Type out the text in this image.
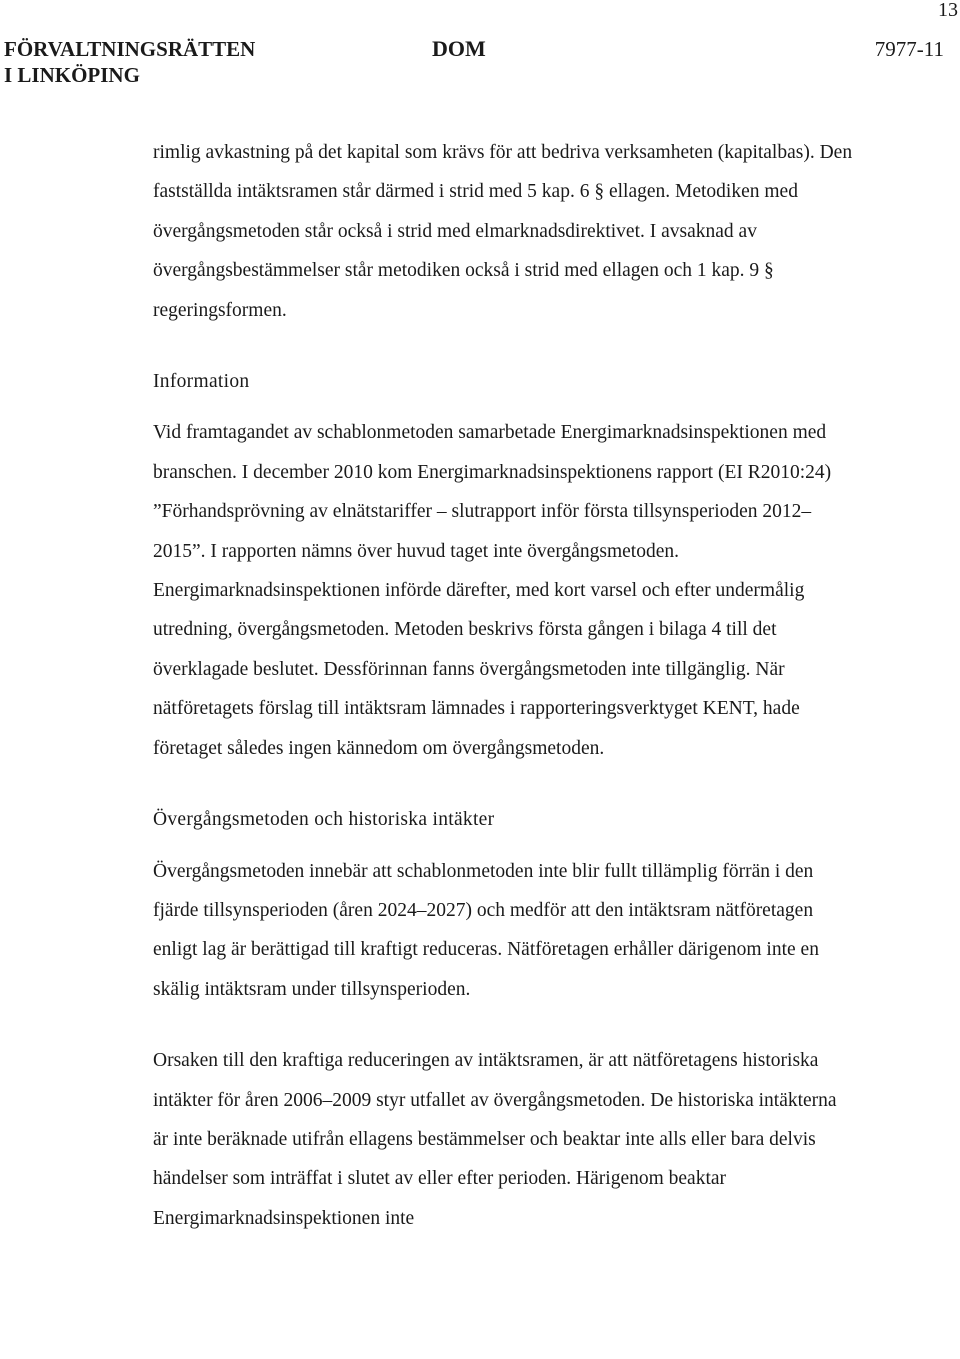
13
FÖRVALTNINGSRÄTTEN
I LINKÖPING
DOM	7977-11

rimlig avkastning på det kapital som krävs för att bedriva verksamheten (kapitalbas). Den fastställda intäktsramen står därmed i strid med 5 kap. 6 § ellagen. Metodiken med övergångsmetoden står också i strid med elmarknadsdirektivet. I avsaknad av övergångsbestämmelser står metodiken också i strid med ellagen och 1 kap. 9 § regeringsformen.

Information

Vid framtagandet av schablonmetoden samarbetade Energimarknadsinspektionen med branschen. I december 2010 kom Energimarknadsinspektionens rapport (EI R2010:24) ”Förhandsprövning av elnätstariffer – slutrapport inför första tillsynsperioden 2012–2015”. I rapporten nämns över huvud taget inte övergångsmetoden. Energimarknadsinspektionen införde därefter, med kort varsel och efter undermålig utredning, övergångsmetoden. Metoden beskrivs första gången i bilaga 4 till det överklagade beslutet. Dessförinnan fanns övergångsmetoden inte tillgänglig. När nätföretagets förslag till intäktsram lämnades i rapporteringsverktyget KENT, hade företaget således ingen kännedom om övergångsmetoden.

Övergångsmetoden och historiska intäkter

Övergångsmetoden innebär att schablonmetoden inte blir fullt tillämplig förrän i den fjärde tillsynsperioden (åren 2024–2027) och medför att den intäktsram nätföretagen enligt lag är berättigad till kraftigt reduceras. Nätföretagen erhåller därigenom inte en skälig intäktsram under tillsynsperioden.

Orsaken till den kraftiga reduceringen av intäktsramen, är att nätföretagens historiska intäkter för åren 2006–2009 styr utfallet av övergångsmetoden. De historiska intäkterna är inte beräknade utifrån ellagens bestämmelser och beaktar inte alls eller bara delvis händelser som inträffat i slutet av eller efter perioden. Härigenom beaktar Energimarknadsinspektionen inte
